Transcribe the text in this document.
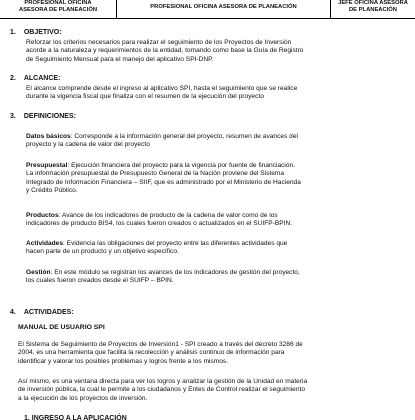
PROFESIONAL OFICINA
ASESORA DE PLANEACIÓN	PROFESIONAL OFICINA ASESORA DE PLANEACIÓN
JEFE OFICINA ASESORA
DE PLANEACIÓN
1. OBJETIVO:
Reforzar los criterios necesarios para realizar el seguimiento de los Proyectos de Inversión
acorde a la naturaleza y requerimientos de la entidad, tomando como base la Guía de Registro
de Seguimiento Mensual para el manejo del aplicativo SPI-DNP.
2. ALCANCE:
El alcance comprende desde el ingreso al aplicativo SPI, hasta el seguimiento que se realice
durante la vigencia fiscal que finaliza con el resumen de la ejecución del proyecto
3. DEFINICIONES:
Datos básicos: Corresponde a la información general del proyecto, resumen de avances del
proyecto y la cadena de valor del proyecto
Presupuestal: Ejecución financiera del proyecto para la vigencia por fuente de financiación.
La información presupuestal de Presupuesto General de la Nación proviene del Sistema
Integrado de Información Financiera – SIIF, que es administrado por el Ministerio de Hacienda
y Crédito Público.
Productos: Avance de los indicadores de producto de la cadena de valor como de los
indicadores de producto BIS4, los cuales fueron creados o actualizados en el SUIFP-BPIN.
Actividades: Evidencia las obligaciones del proyecto entre las diferentes actividades que
hacen parte de un producto y un objetivo específico.
Gestión: En este módulo se registran los avances de los indicadores de gestión del proyecto,
los cuales fueron creados desde el SUIFP – BPIN.
4. ACTIVIDADES:
MANUAL DE USUARIO SPI
El Sistema de Seguimiento de Proyectos de Inversión1 - SPI creado a través del decreto 3286 de
2004, es una herramienta que facilita la recolección y análisis continuo de información para
identificar y valorar los posibles problemas y logros frente a los mismos.
Así mismo, es una ventana directa para ver los logros y analizar la gestión de la Unidad en materia
de inversión pública, la cual le permite a los ciudadanos y Entes de Control realizar el seguimiento
a la ejecución de los proyectos de inversión.
1. INGRESO A LA APLICACIÓN
